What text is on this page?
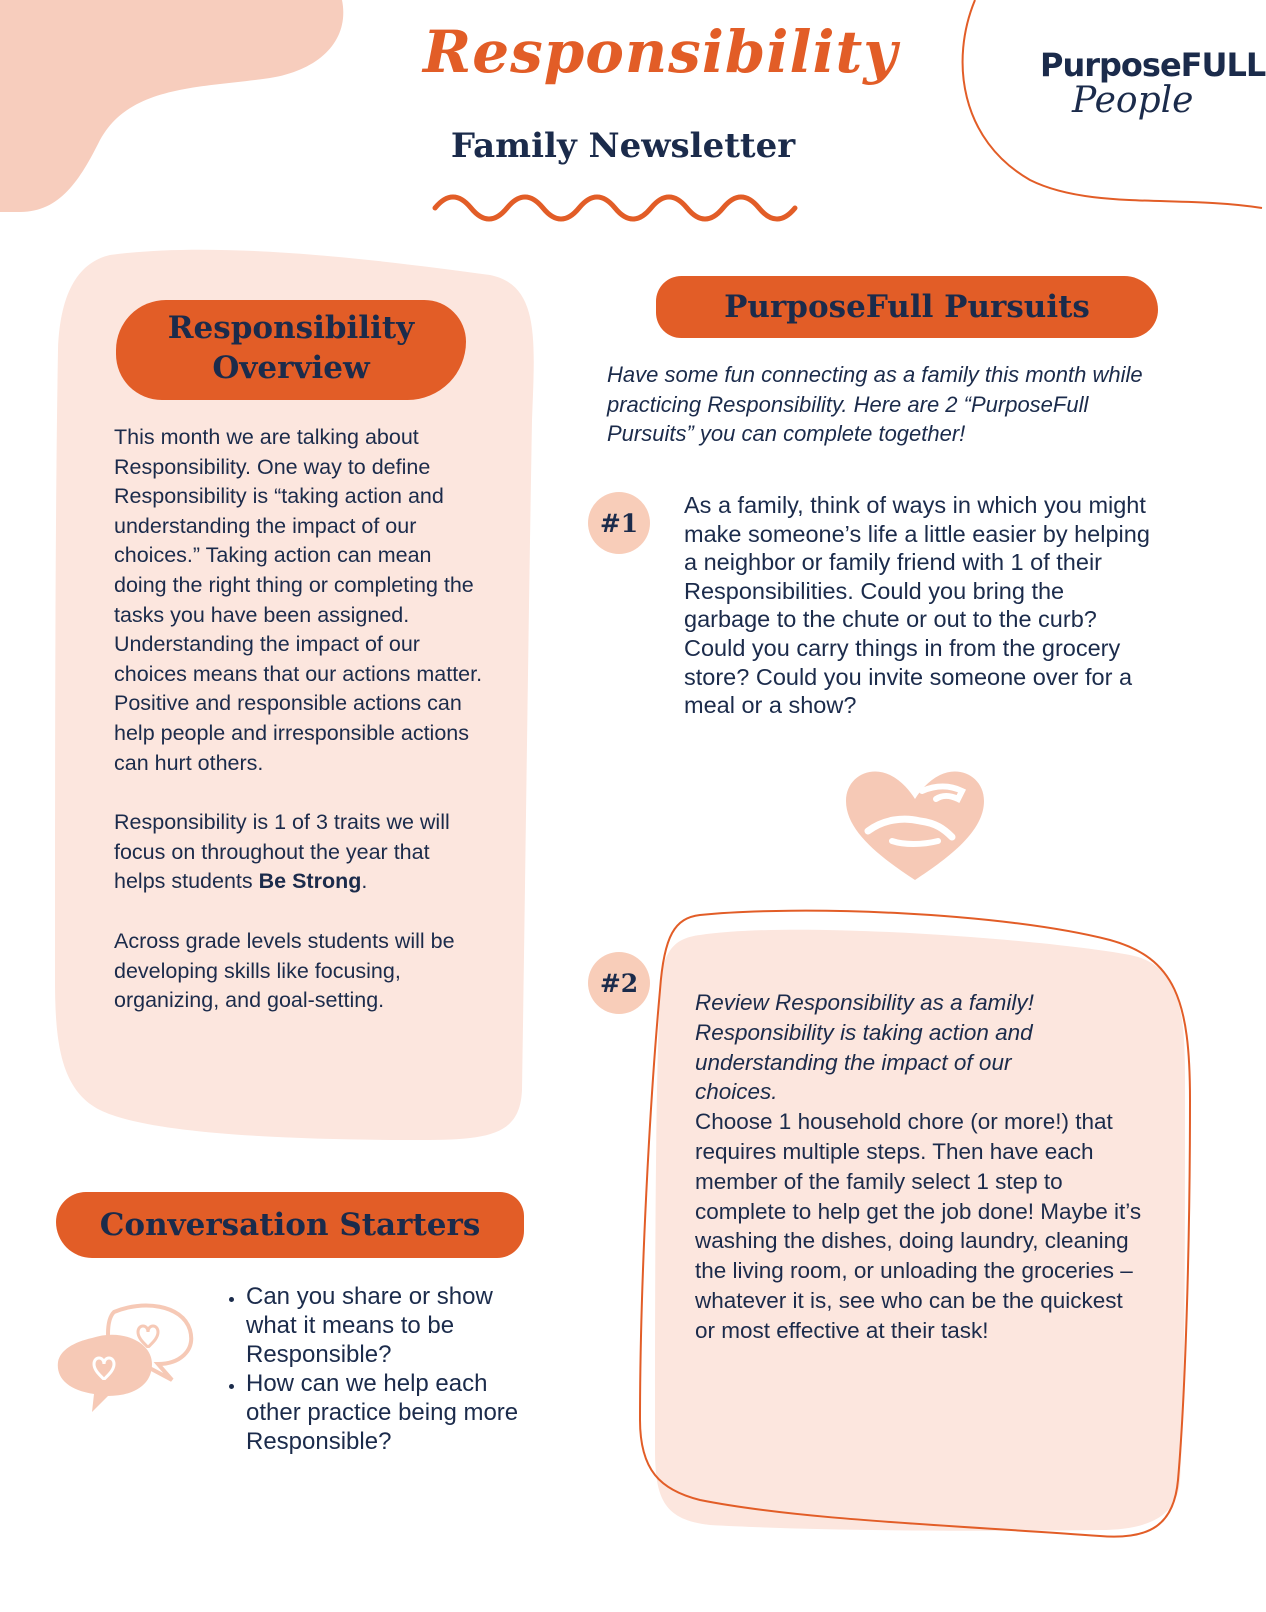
Responsibility
Family Newsletter
PurposeFULL
People
Responsibility
Overview
This month we are talking about Responsibility. One way to define Responsibility is “taking action and understanding the impact of our choices.” Taking action can mean doing the right thing or completing the tasks you have been assigned. Understanding the impact of our choices means that our actions matter. Positive and responsible actions can help people and irresponsible actions can hurt others.
Responsibility is 1 of 3 traits we will focus on throughout the year that helps students Be Strong.
Across grade levels students will be developing skills like focusing, organizing, and goal-setting.
Conversation Starters
• Can you share or show what it means to be Responsible?
• How can we help each other practice being more Responsible?
PurposeFull Pursuits
Have some fun connecting as a family this month while practicing Responsibility. Here are 2 “PurposeFull Pursuits” you can complete together!
#1
As a family, think of ways in which you might make someone’s life a little easier by helping a neighbor or family friend with 1 of their Responsibilities. Could you bring the garbage to the chute or out to the curb? Could you carry things in from the grocery store? Could you invite someone over for a meal or a show?
#2
Review Responsibility as a family! Responsibility is taking action and understanding the impact of our choices.
Choose 1 household chore (or more!) that requires multiple steps. Then have each member of the family select 1 step to complete to help get the job done! Maybe it’s washing the dishes, doing laundry, cleaning the living room, or unloading the groceries – whatever it is, see who can be the quickest or most effective at their task!
